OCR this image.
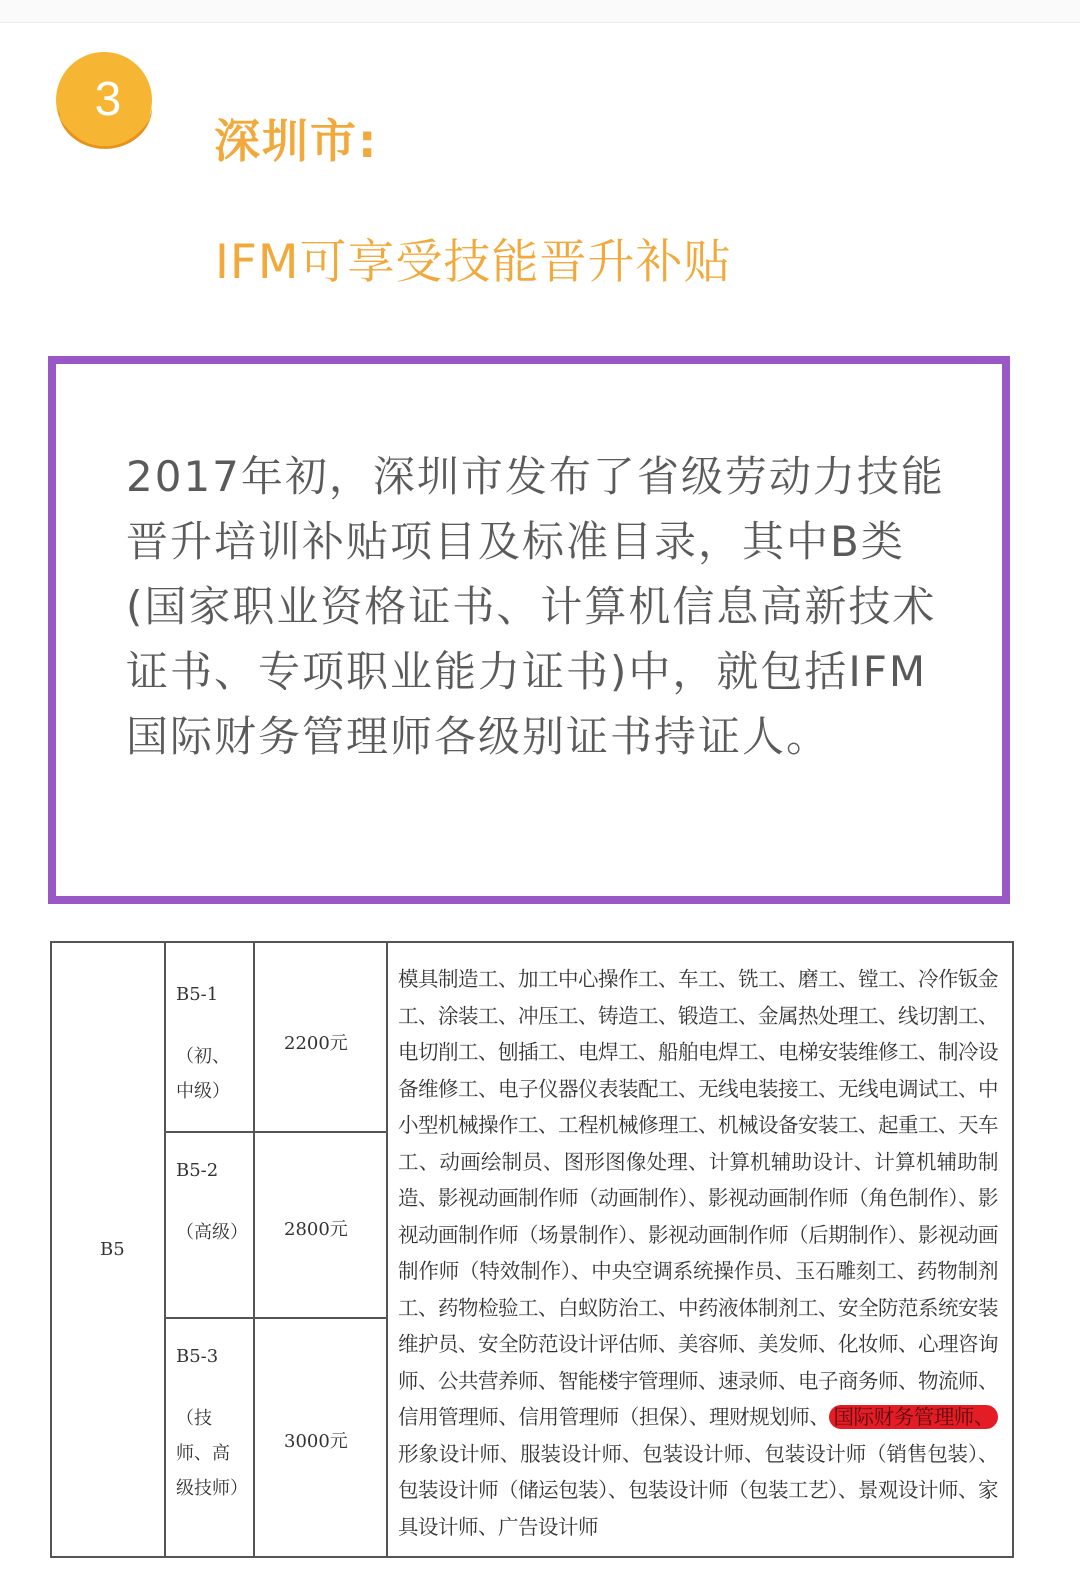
3
深圳市:
IFM可享受技能晋升补贴

2017年初，深圳市发布了省级劳动力技能晋升培训补贴项目及标准目录，其中B类(国家职业资格证书、计算机信息高新技术证书、专项职业能力证书)中，就包括IFM国际财务管理师各级别证书持证人。

B5
B5-1
（初、中级）
2200元
B5-2
（高级） 2800元
B5-3
（技师、高级技师）
3000元

模具制造工、加工中心操作工、车工、铣工、磨工、镗工、冷作钣金工、涂装工、冲压工、铸造工、锻造工、金属热处理工、线切割工、电切削工、刨插工、电焊工、船舶电焊工、电梯安装维修工、制冷设备维修工、电子仪器仪表装配工、无线电装接工、无线电调试工、中小型机械操作工、工程机械修理工、机械设备安装工、起重工、天车工、动画绘制员、图形图像处理、计算机辅助设计、计算机辅助制造、影视动画制作师（动画制作）、影视动画制作师（角色制作）、影视动画制作师（场景制作）、影视动画制作师（后期制作）、影视动画制作师（特效制作）、中央空调系统操作员、玉石雕刻工、药物制剂工、药物检验工、白蚁防治工、中药液体制剂工、安全防范系统安装维护员、安全防范设计评估师、美容师、美发师、化妆师、心理咨询师、公共营养师、智能楼宇管理师、速录师、电子商务师、物流师、信用管理师、信用管理师（担保）、理财规划师、 国际财务管理师、形象设计师、服装设计师、包装设计师、包装设计师（销售包装）、包装设计师（储运包装）、包装设计师（包装工艺）、景观设计师、家具设计师、广告设计师
